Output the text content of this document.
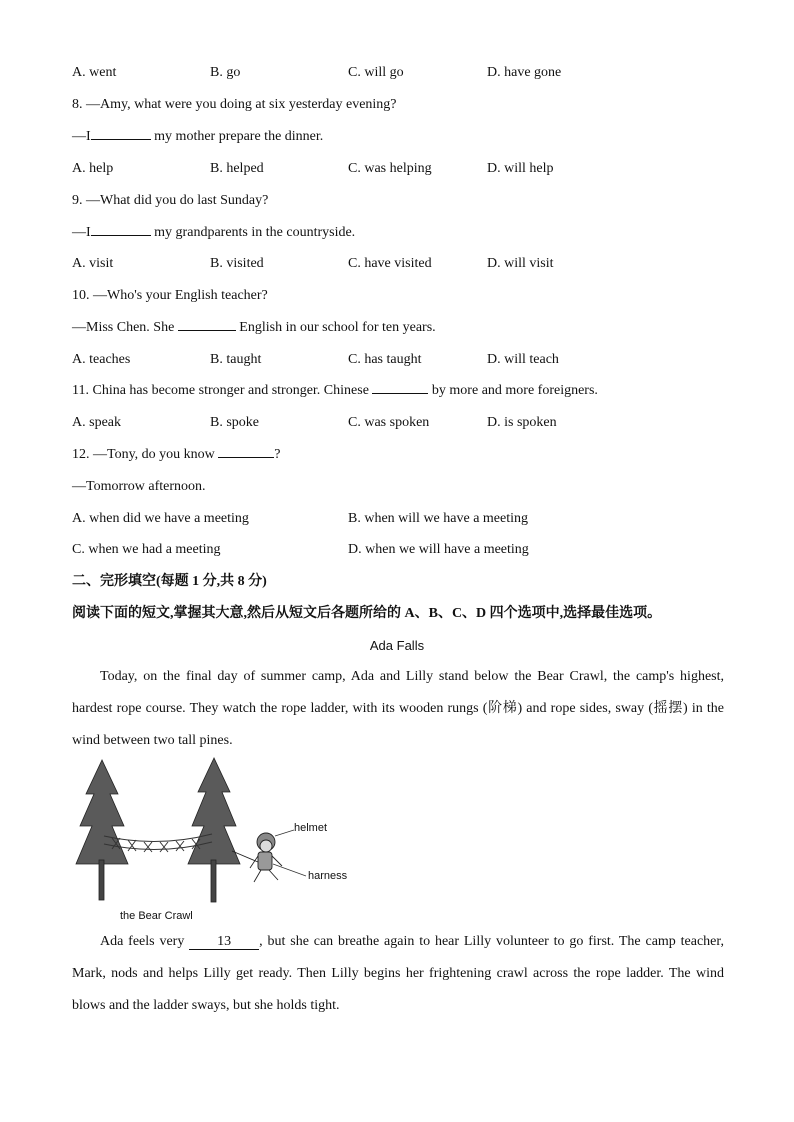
A. went	B. go	C. will go	D. have gone
8. —Amy, what were you doing at six yesterday evening?
—I	my mother prepare the dinner.
A. help	B. helped	C. was helping	D. will help
9. —What did you do last Sunday?
—I	my grandparents in the countryside.
A. visit	B. visited	C. have visited	D. will visit
10. —Who's your English teacher?
—Miss Chen. She	English in our school for ten years.
A. teaches	B. taught	C. has taught	D. will teach
11. China has become stronger and stronger. Chinese	by more and more foreigners.
A. speak	B. spoke	C. was spoken	D. is spoken
12. —Tony, do you know	?
—Tomorrow afternoon.
A. when did we have a meeting	B. when will we have a meeting
C. when we had a meeting	D. when we will have a meeting
二、完形填空(每题 1 分,共 8 分)
阅读下面的短文,掌握其大意,然后从短文后各题所给的 A、B、C、D 四个选项中,选择最佳选项。
Ada Falls
Today, on the final day of summer camp, Ada and Lilly stand below the Bear Crawl, the camp's highest, hardest rope course. They watch the rope ladder, with its wooden rungs (阶梯) and rope sides, sway (摇摆) in the wind between two tall pines.
helmet
harness
the Bear Crawl
Ada feels very 13 , but she can breathe again to hear Lilly volunteer to go first. The camp teacher, Mark, nods and helps Lilly get ready. Then Lilly begins her frightening crawl across the rope ladder. The wind blows and the ladder sways, but she holds tight.
